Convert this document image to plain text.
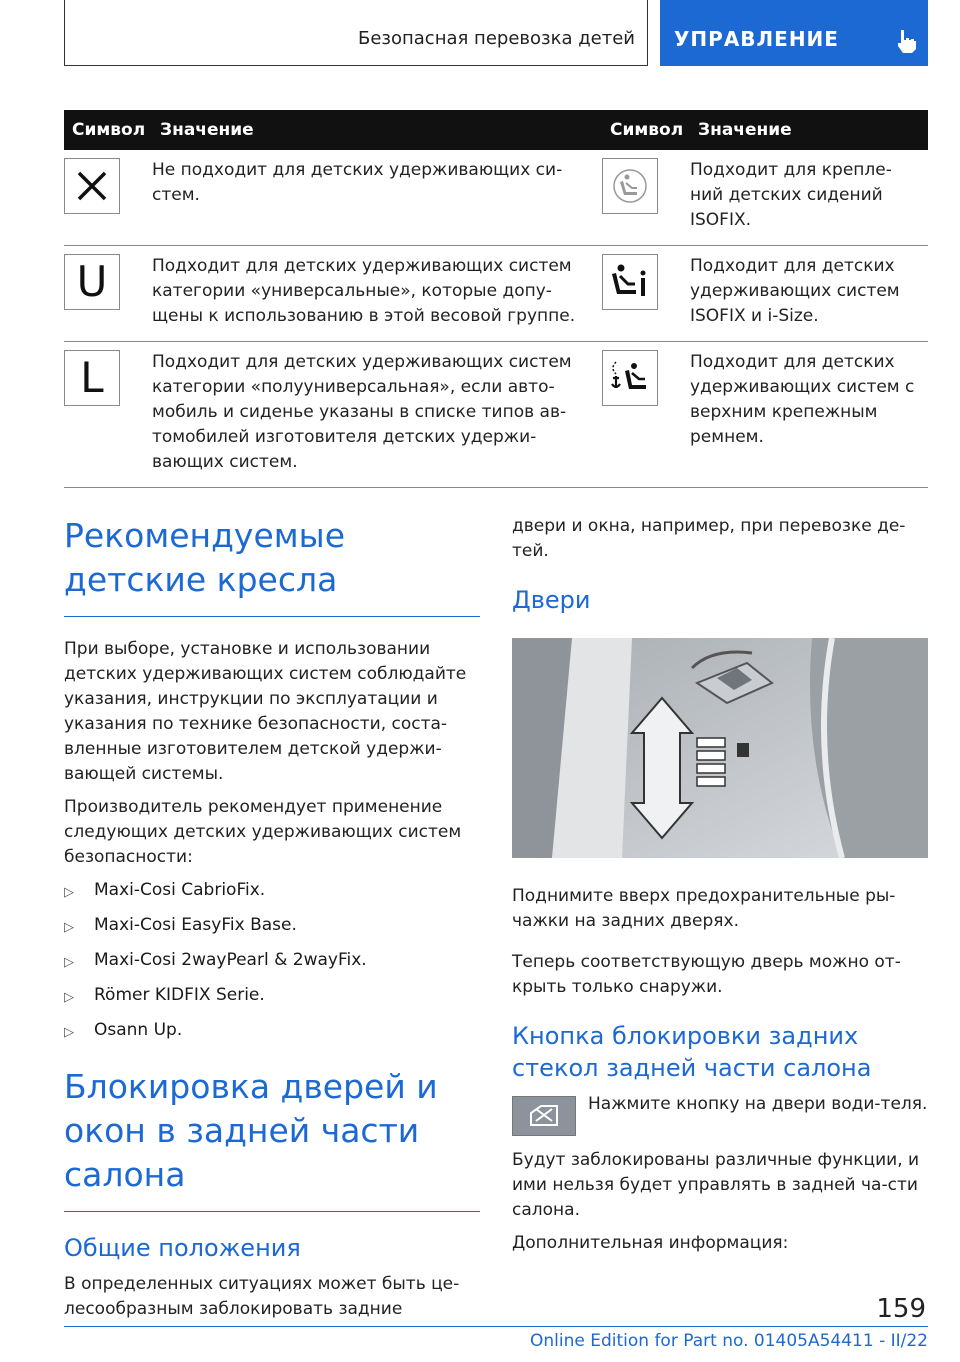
Безопасная перевозка детей УПРАВЛЕНИЕ
Символ	Значение	Символ	Значение

	Не подходит для детских удерживающих си-стем.		Подходит для крепле-ний детских сидений ISOFIX.

U	Подходит для детских удерживающих систем категории «универсальные», которые допу-щены к использованию в этой весовой группе.		Подходит для детских удерживающих систем ISOFIX и i-Size.

L	Подходит для детских удерживающих систем категории «полууниверсальная», если авто-мобиль и сиденье указаны в списке типов ав-томобилей изготовителя детских удержи-вающих систем.		Подходит для детских удерживающих систем с верхним крепежным ремнем.
Рекомендуемые детские кресла

При выборе, установке и использовании детских удерживающих систем соблюдайте указания, инструкции по эксплуатации и указания по технике безопасности, соста-вленные изготовителем детской удержи-вающей системы.

Производитель рекомендует применение следующих детских удерживающих систем безопасности:

▷	Maxi-Cosi CabrioFix.
▷	Maxi-Cosi EasyFix Base.
▷	Maxi-Cosi 2wayPearl & 2wayFix.
▷	Römer KIDFIX Serie.
▷	Osann Up.
Блокировка дверей и окон в задней части салона
Общие положения

В определенных ситуациях может быть це-лесообразным заблокировать задние

двери и окна, например, при перевозке де-тей.

Двери

Поднимите вверх предохранительные ры-чажки на задних дверях.

Теперь соответствующую дверь можно от-крыть только снаружи.

Кнопка блокировки задних стекол задней части салона

Нажмите кнопку на двери води-теля.

Будут заблокированы различные функции, и ими нельзя будет управлять в задней ча-сти салона.

Дополнительная информация:

159
Online Edition for Part no. 01405A54411 - II/22
